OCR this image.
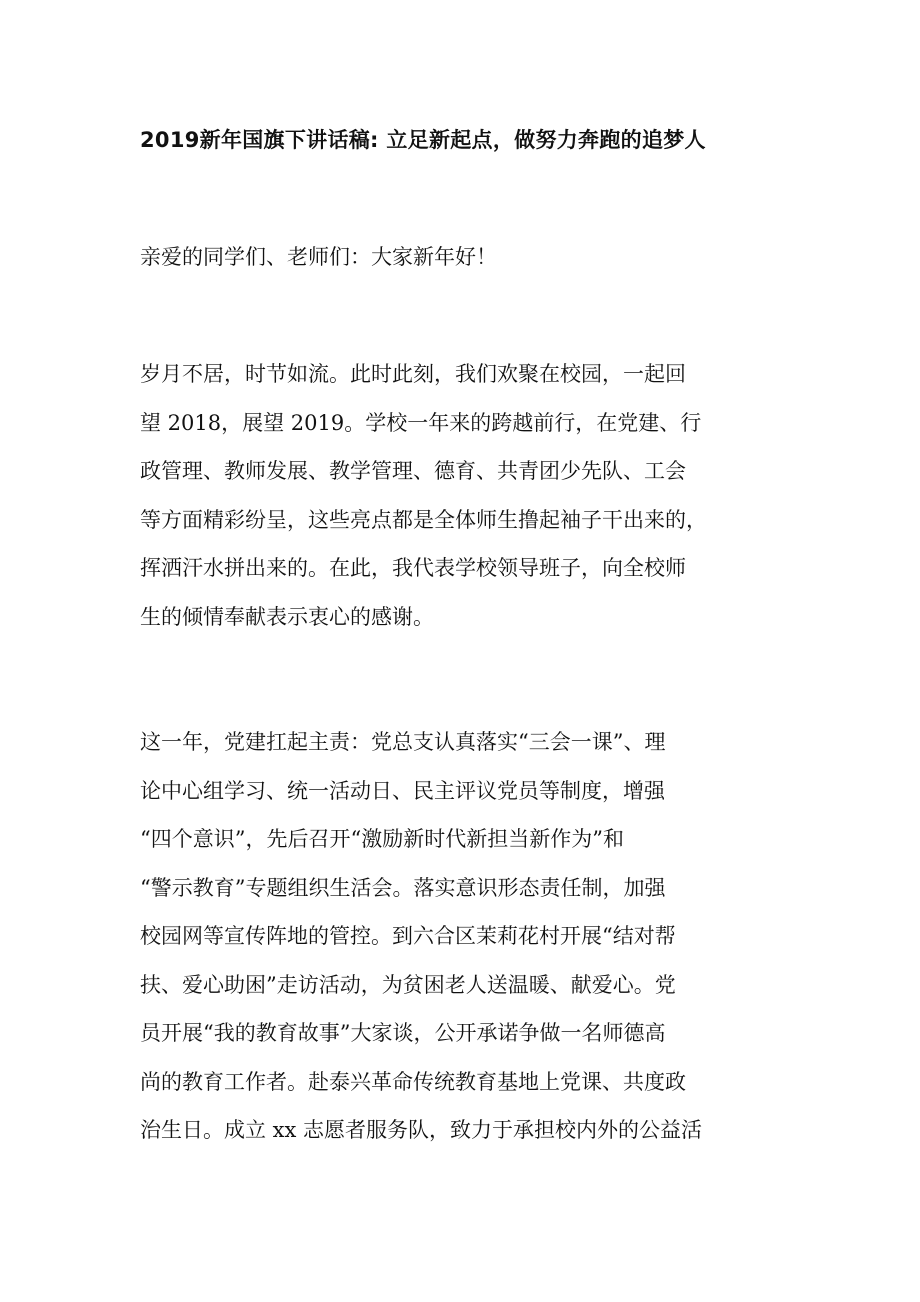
2019新年国旗下讲话稿: 立足新起点，做努力奔跑的追梦人
亲爱的同学们、老师们：大家新年好！
岁月不居，时节如流。此时此刻，我们欢聚在校园，一起回
望 2018，展望 2019。学校一年来的跨越前行，在党建、行
政管理、教师发展、教学管理、德育、共青团少先队、工会
等方面精彩纷呈，这些亮点都是全体师生撸起袖子干出来的，
挥洒汗水拼出来的。在此，我代表学校领导班子，向全校师
生的倾情奉献表示衷心的感谢。
这一年，党建扛起主责：党总支认真落实“三会一课”、理
论中心组学习、统一活动日、民主评议党员等制度，增强
“四个意识”，先后召开“激励新时代新担当新作为”和
“警示教育”专题组织生活会。落实意识形态责任制，加强
校园网等宣传阵地的管控。到六合区茉莉花村开展“结对帮
扶、爱心助困”走访活动，为贫困老人送温暖、献爱心。党
员开展“我的教育故事”大家谈，公开承诺争做一名师德高
尚的教育工作者。赴泰兴革命传统教育基地上党课、共度政
治生日。成立 xx 志愿者服务队，致力于承担校内外的公益活
